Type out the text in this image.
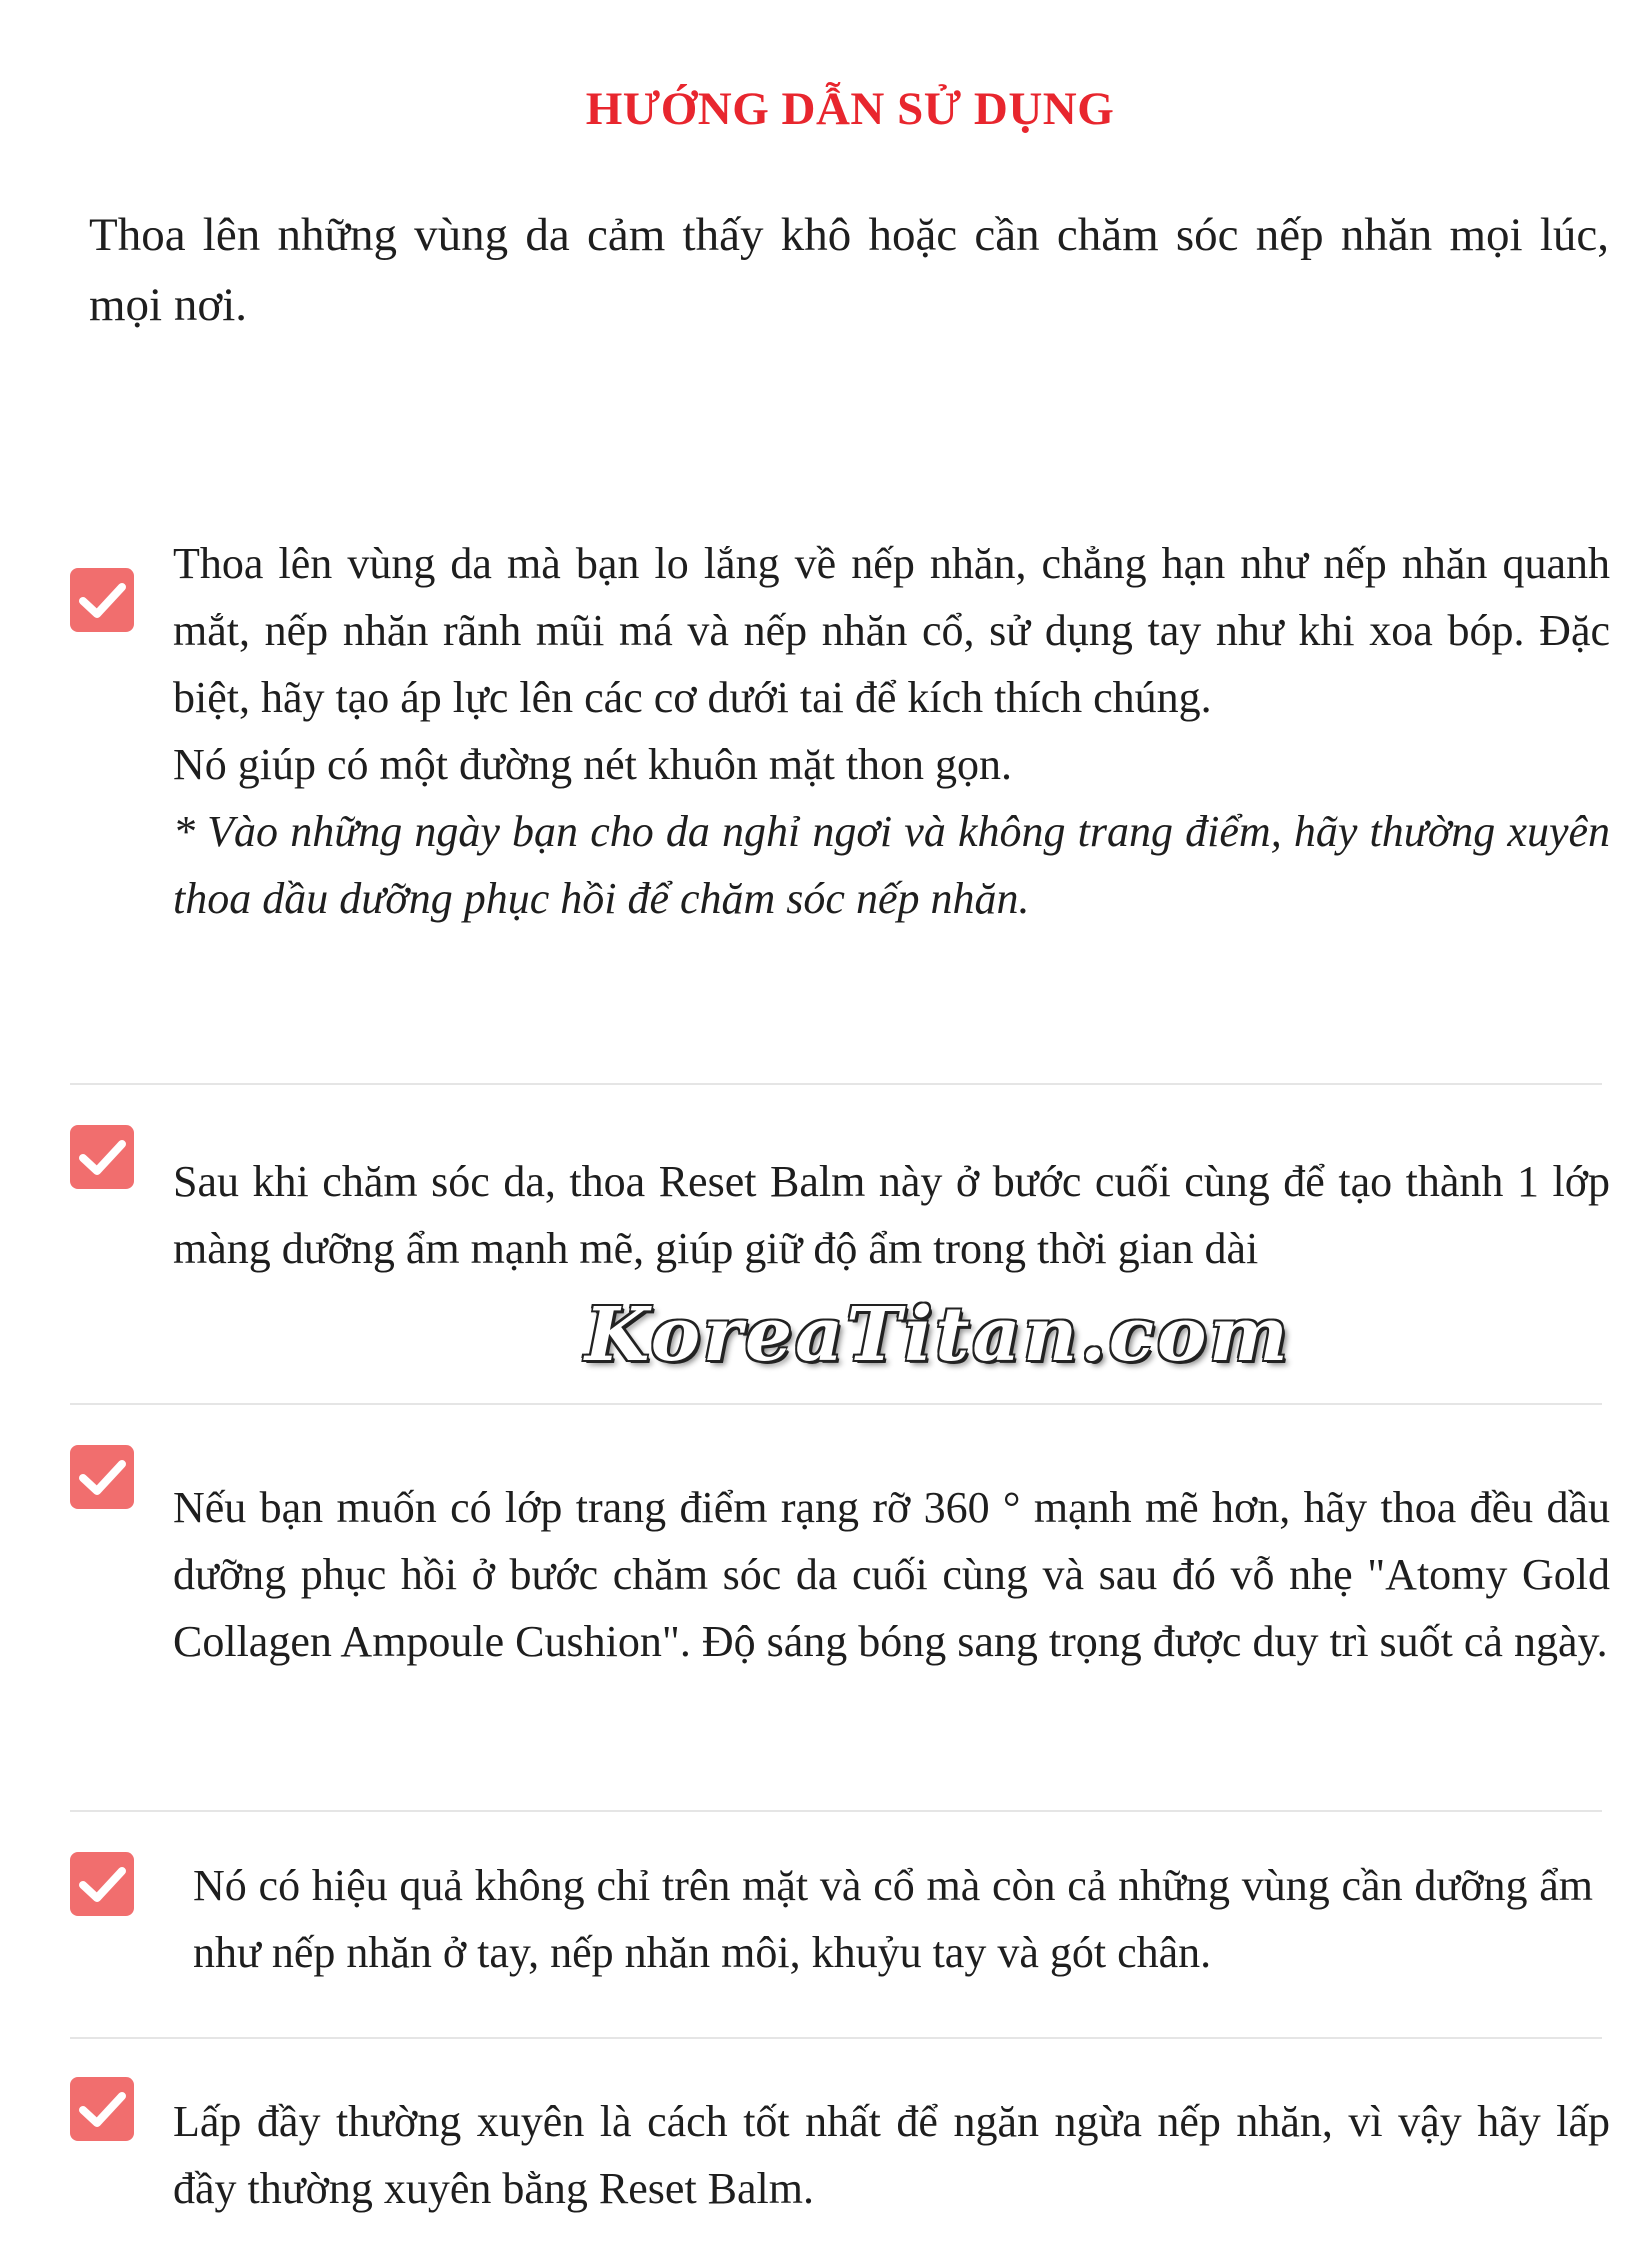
HƯỚNG DẪN SỬ DỤNG
Thoa lên những vùng da cảm thấy khô hoặc cần chăm sóc nếp nhăn mọi lúc, mọi nơi.

Thoa lên vùng da mà bạn lo lắng về nếp nhăn, chẳng hạn như nếp nhăn quanh mắt, nếp nhăn rãnh mũi má và nếp nhăn cổ, sử dụng tay như khi xoa bóp. Đặc biệt, hãy tạo áp lực lên các cơ dưới tai để kích thích chúng.

Nó giúp có một đường nét khuôn mặt thon gọn.

* Vào những ngày bạn cho da nghỉ ngơi và không trang điểm, hãy thường xuyên thoa dầu dưỡng phục hồi để chăm sóc nếp nhăn.

Sau khi chăm sóc da, thoa Reset Balm này ở bước cuối cùng để tạo thành 1 lớp màng dưỡng ẩm mạnh mẽ, giúp giữ độ ẩm trong thời gian dài

Nếu bạn muốn có lớp trang điểm rạng rỡ 360 ° mạnh mẽ hơn, hãy thoa đều dầu dưỡng phục hồi ở bước chăm sóc da cuối cùng và sau đó vỗ nhẹ "Atomy Gold Collagen Ampoule Cushion". Độ sáng bóng sang trọng được duy trì suốt cả ngày.

Nó có hiệu quả không chỉ trên mặt và cổ mà còn cả những vùng cần dưỡng ẩm như nếp nhăn ở tay, nếp nhăn môi, khuỷu tay và gót chân.

Lấp đầy thường xuyên là cách tốt nhất để ngăn ngừa nếp nhăn, vì vậy hãy lấp đầy thường xuyên bằng Reset Balm.

KoreaTitan.com
